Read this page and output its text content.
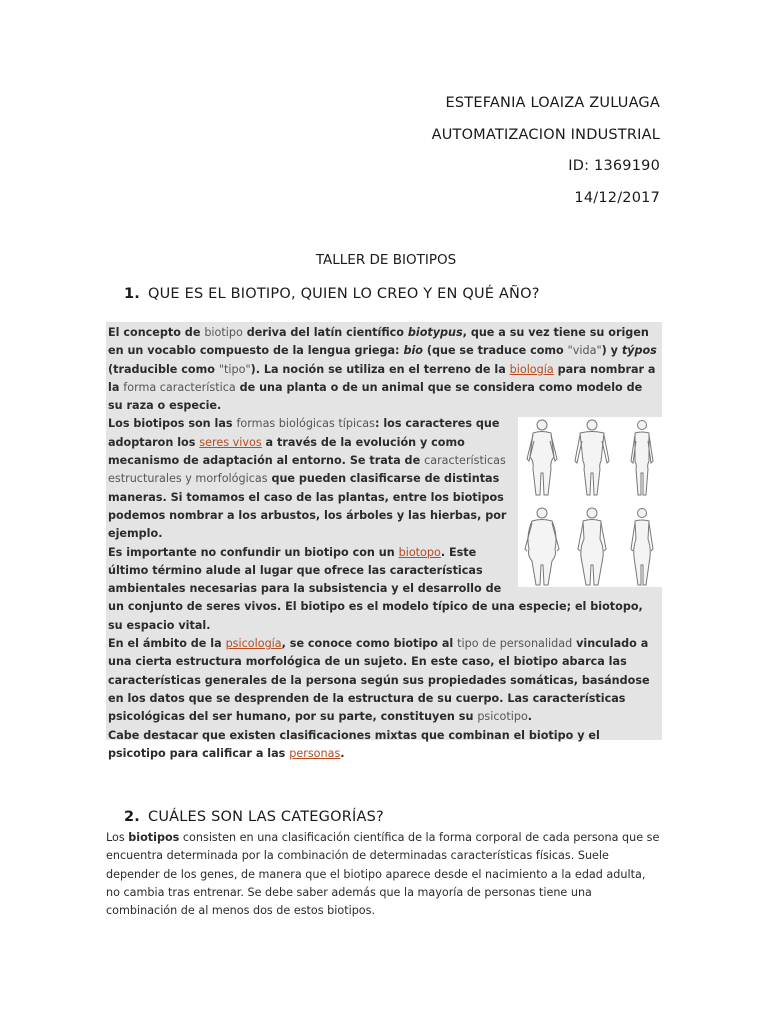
ESTEFANIA LOAIZA ZULUAGA
AUTOMATIZACION INDUSTRIAL
ID: 1369190
14/12/2017
TALLER DE BIOTIPOS
1. QUE ES EL BIOTIPO, QUIEN LO CREO Y EN QUÉ AÑO?

El concepto de biotipo deriva del latín científico biotypus, que a su vez tiene su origen en un vocablo compuesto de la lengua griega: bio (que se traduce como "vida") y týpos (traducible como "tipo"). La noción se utiliza en el terreno de la biología para nombrar a la forma característica de una planta o de un animal que se considera como modelo de su raza o especie.

Los biotipos son las formas biológicas típicas: los caracteres que adoptaron los seres vivos a través de la evolución y como mecanismo de adaptación al entorno. Se trata de características estructurales y morfológicas que pueden clasificarse de distintas maneras. Si tomamos el caso de las plantas, entre los biotipos podemos nombrar a los arbustos, los árboles y las hierbas, por ejemplo.

Es importante no confundir un biotipo con un biotopo. Este último término alude al lugar que ofrece las características ambientales necesarias para la subsistencia y el desarrollo de un conjunto de seres vivos. El biotipo es el modelo típico de una especie; el biotopo, su espacio vital.

En el ámbito de la psicología, se conoce como biotipo al tipo de personalidad vinculado a una cierta estructura morfológica de un sujeto. En este caso, el biotipo abarca las características generales de la persona según sus propiedades somáticas, basándose en los datos que se desprenden de la estructura de su cuerpo. Las características psicológicas del ser humano, por su parte, constituyen su psicotipo.

Cabe destacar que existen clasificaciones mixtas que combinan el biotipo y el psicotipo para calificar a las personas.

2. CUÁLES SON LAS CATEGORÍAS?

Los biotipos consisten en una clasificación científica de la forma corporal de cada persona que se encuentra determinada por la combinación de determinadas características físicas. Suele depender de los genes, de manera que el biotipo aparece desde el nacimiento a la edad adulta, no cambia tras entrenar. Se debe saber además que la mayoría de personas tiene una combinación de al menos dos de estos biotipos.
